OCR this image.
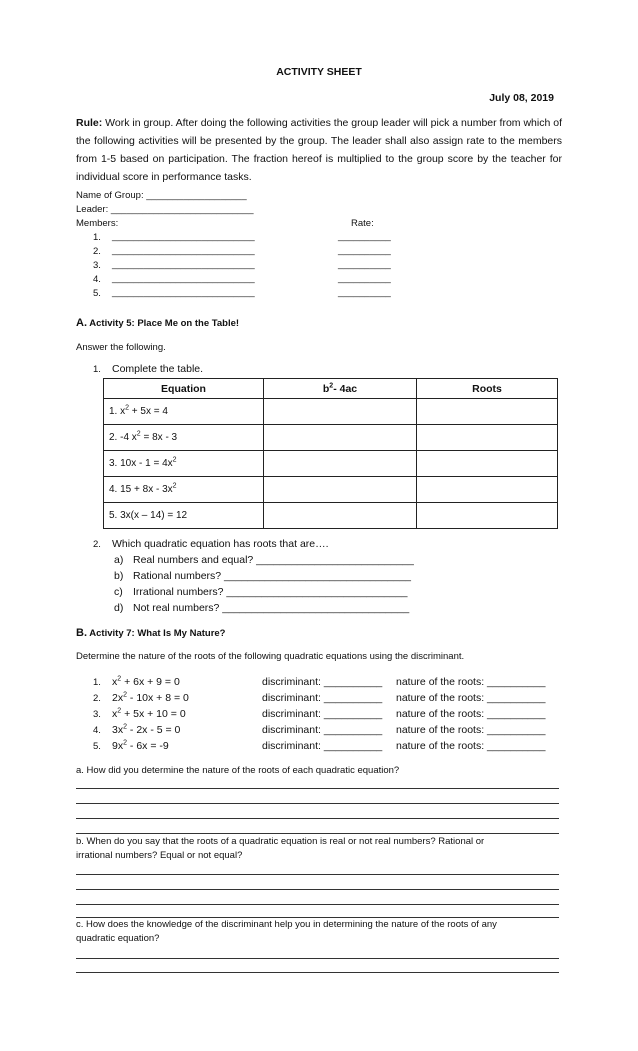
ACTIVITY SHEET
July 08, 2019
Rule: Work in group. After doing the following activities the group leader will pick a number from which of the following activities will be presented by the group. The leader shall also assign rate to the members from 1-5 based on participation. The fraction hereof is multiplied to the group score by the teacher for individual score in performance tasks.
Name of Group: ___________________
Leader: ___________________________
Members:	Rate:
1. ___________________________	__________
2. ___________________________	__________
3. ___________________________	__________
4. ___________________________	__________
5. ___________________________	__________
A. Activity 5: Place Me on the Table!
Answer the following.
1. Complete the table.
Equation	$b^2-$ 4ac	Roots
1. $x^2 + 5x = 4$		
2. -4 $x^2 = 8x - 3$		
3. $10x - 1 = 4x^2$		
4. $15 + 8x - 3x^2$		
5. 3x(x – 14) = 12		
2. Which quadratic equation has roots that are….
a) Real numbers and equal? ___________________________
b) Rational numbers? ________________________________
c) Irrational numbers? _______________________________
d) Not real numbers? ________________________________
B. Activity 7: What Is My Nature?
Determine the nature of the roots of the following quadratic equations using the discriminant.
1. $x^2 + 6x + 9 = 0$	discriminant: __________ nature of the roots: __________
2. $2x^2 - 10x + 8 = 0$	discriminant: __________ nature of the roots: __________
3. $x^2 + 5x + 10 = 0$	discriminant: __________ nature of the roots: __________
4. $3x^2 - 2x - 5 = 0$	discriminant: __________ nature of the roots: __________
5. $9x^2 - 6x = -9$	discriminant: __________ nature of the roots: __________
a. How did you determine the nature of the roots of each quadratic equation?
b. When do you say that the roots of a quadratic equation is real or not real numbers? Rational or
irrational numbers? Equal or not equal?
c. How does the knowledge of the discriminant help you in determining the nature of the roots of any
quadratic equation?
